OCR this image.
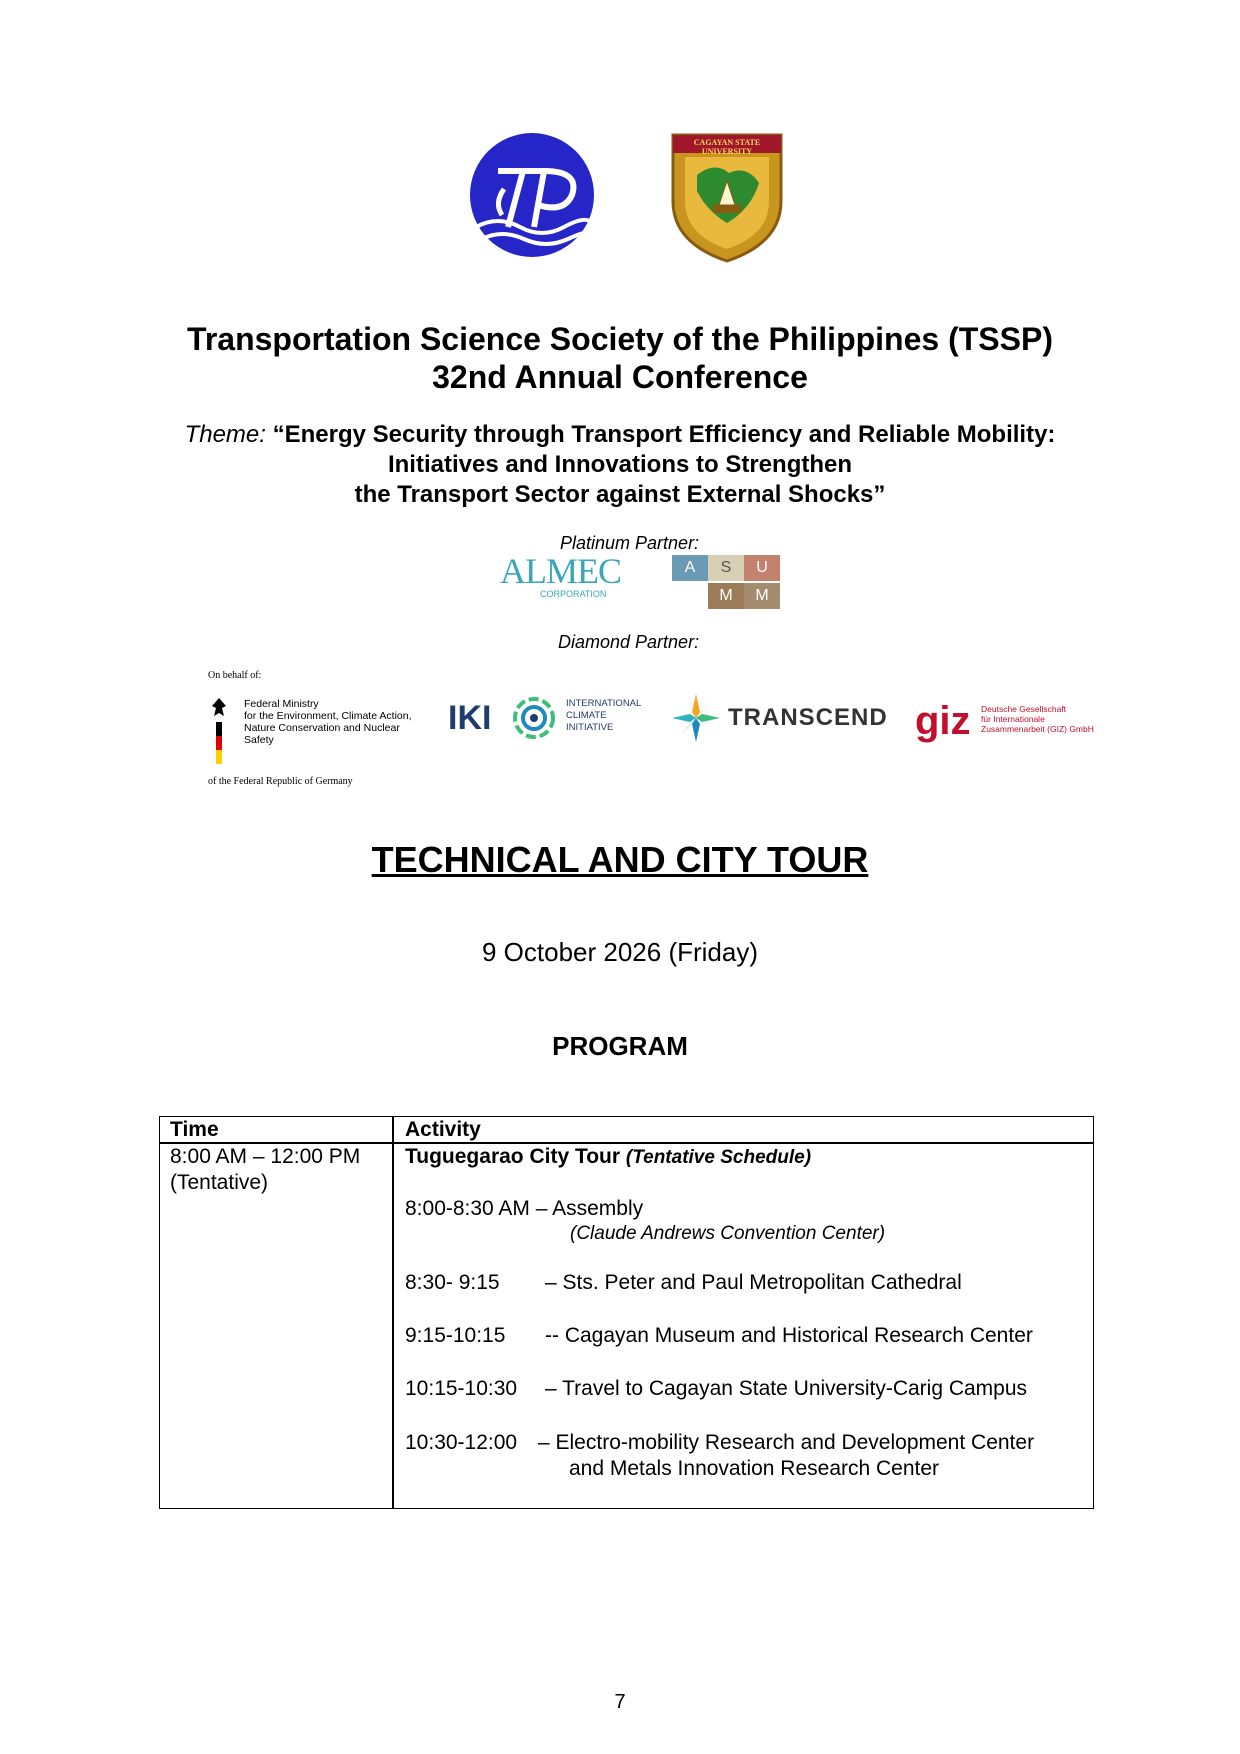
CAGAYAN STATE UNIVERSITY
Transportation Science Society of the Philippines (TSSP)
32nd Annual Conference
Theme: “Energy Security through Transport Efficiency and Reliable Mobility:
Initiatives and Innovations to Strengthen
the Transport Sector against External Shocks”
Platinum Partner:
ALMEC
CORPORATION
A	S	U
M	M
Diamond Partner:
On behalf of:
Federal Ministry
for the Environment, Climate Action,
Nature Conservation and Nuclear Safety
of the Federal Republic of Germany
IKI	INTERNATIONAL
CLIMATE
INITIATIVE	TRANSCEND giz Deutsche Gesellschaft
für Internationale
Zusammenarbeit (GIZ) GmbH
TECHNICAL AND CITY TOUR
9 October 2026 (Friday)
PROGRAM
Time	Activity
8:00 AM – 12:00 PM
(Tentative)
Tuguegarao City Tour (Tentative Schedule)
8:00-8:30 AM – Assembly
(Claude Andrews Convention Center)
8:30- 9:15 – Sts. Peter and Paul Metropolitan Cathedral
9:15-10:15 -- Cagayan Museum and Historical Research Center
10:15-10:30 – Travel to Cagayan State University-Carig Campus
10:30-12:00 – Electro-mobility Research and Development Center
and Metals Innovation Research Center
7
